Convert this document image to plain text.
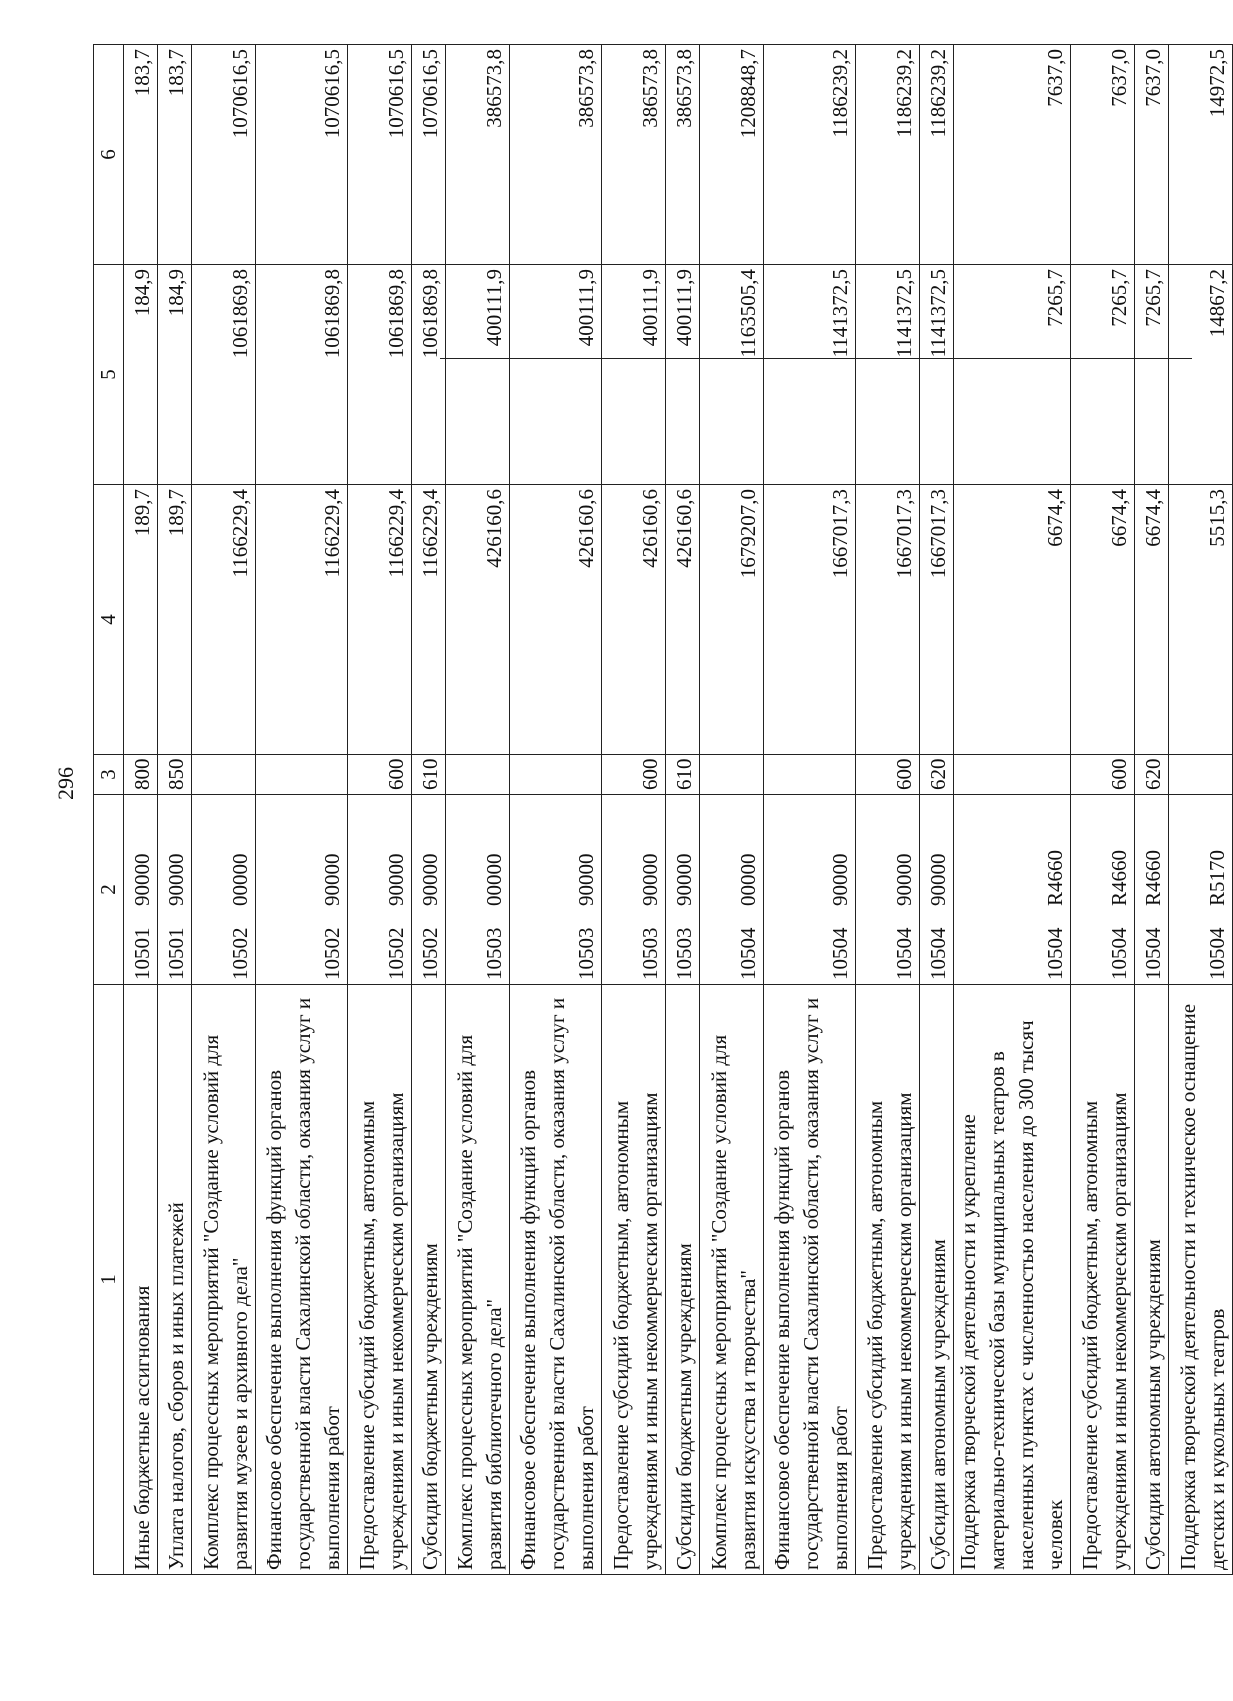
296
1	2	3	4	5	6
Иные бюджетные ассигнования	1050190000	800	189,7	184,9	183,7
Уплата налогов, сборов и иных платежей	1050190000	850	189,7	184,9	183,7
Комплекс процессных мероприятий "Создание условий для развития музеев и архивного дела"	1050200000		1166229,4	1061869,8	1070616,5
Финансовое обеспечение выполнения функций органов государственной власти Сахалинской области, оказания услуг и выполнения работ	1050290000		1166229,4	1061869,8	1070616,5
Предоставление субсидий бюджетным, автономным учреждениям и иным некоммерческим организациям	1050290000	600	1166229,4	1061869,8	1070616,5
Субсидии бюджетным учреждениям	1050290000	610	1166229,4	1061869,8	1070616,5
Комплекс процессных мероприятий "Создание условий для развития библиотечного дела"	1050300000		426160,6	400111,9	386573,8
Финансовое обеспечение выполнения функций органов государственной власти Сахалинской области, оказания услуг и выполнения работ	1050390000		426160,6	400111,9	386573,8
Предоставление субсидий бюджетным, автономным учреждениям и иным некоммерческим организациям	1050390000	600	426160,6	400111,9	386573,8
Субсидии бюджетным учреждениям	1050390000	610	426160,6	400111,9	386573,8
Комплекс процессных мероприятий "Создание условий для развития искусства и творчества"	1050400000		1679207,0	1163505,4	1208848,7
Финансовое обеспечение выполнения функций органов государственной власти Сахалинской области, оказания услуг и выполнения работ	1050490000		1667017,3	1141372,5	1186239,2
Предоставление субсидий бюджетным, автономным учреждениям и иным некоммерческим организациям	1050490000	600	1667017,3	1141372,5	1186239,2
Субсидии автономным учреждениям	1050490000	620	1667017,3	1141372,5	1186239,2
Поддержка творческой деятельности и укрепление материально-технической базы муниципальных театров в населенных пунктах с численностью населения до 300 тысяч человек	10504R4660		6674,4	7265,7	7637,0
Предоставление субсидий бюджетным, автономным учреждениям и иным некоммерческим организациям	10504R4660	600	6674,4	7265,7	7637,0
Субсидии автономным учреждениям	10504R4660	620	6674,4	7265,7	7637,0
Поддержка творческой деятельности и техническое оснащение детских и кукольных театров	10504R5170		5515,3	14867,2	14972,5
